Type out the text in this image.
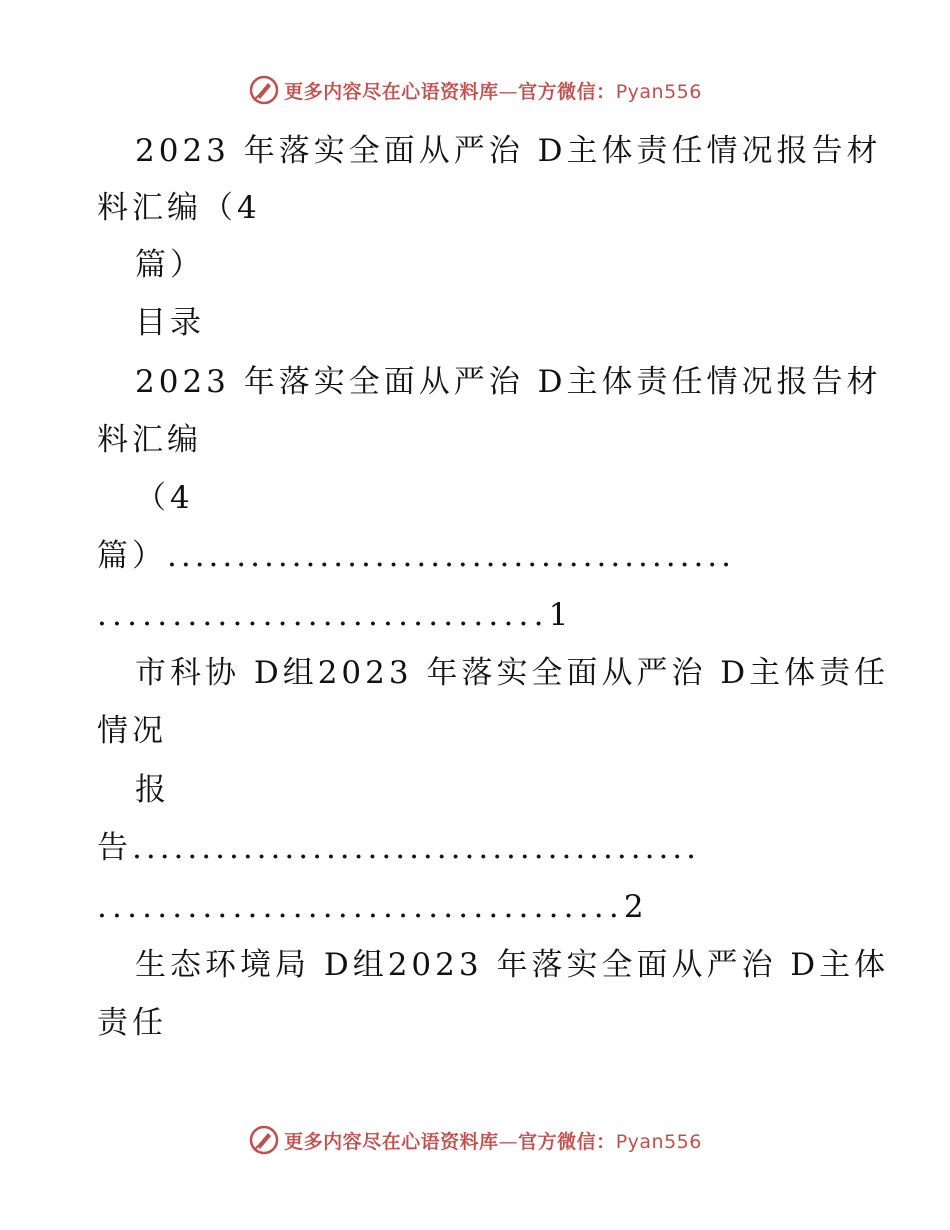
更多内容尽在心语资料库—官方微信：Pyan556
2023 年落实全面从严治 D主体责任情况报告材
料汇编（4
篇）
目录
2023 年落实全面从严治 D主体责任情况报告材
料汇编
（4
篇）.........................................
..............................1
市科协 D组2023 年落实全面从严治 D主体责任
情况
报
告.........................................
...................................2
生态环境局 D组2023 年落实全面从严治 D主体
责任
更多内容尽在心语资料库—官方微信：Pyan556
